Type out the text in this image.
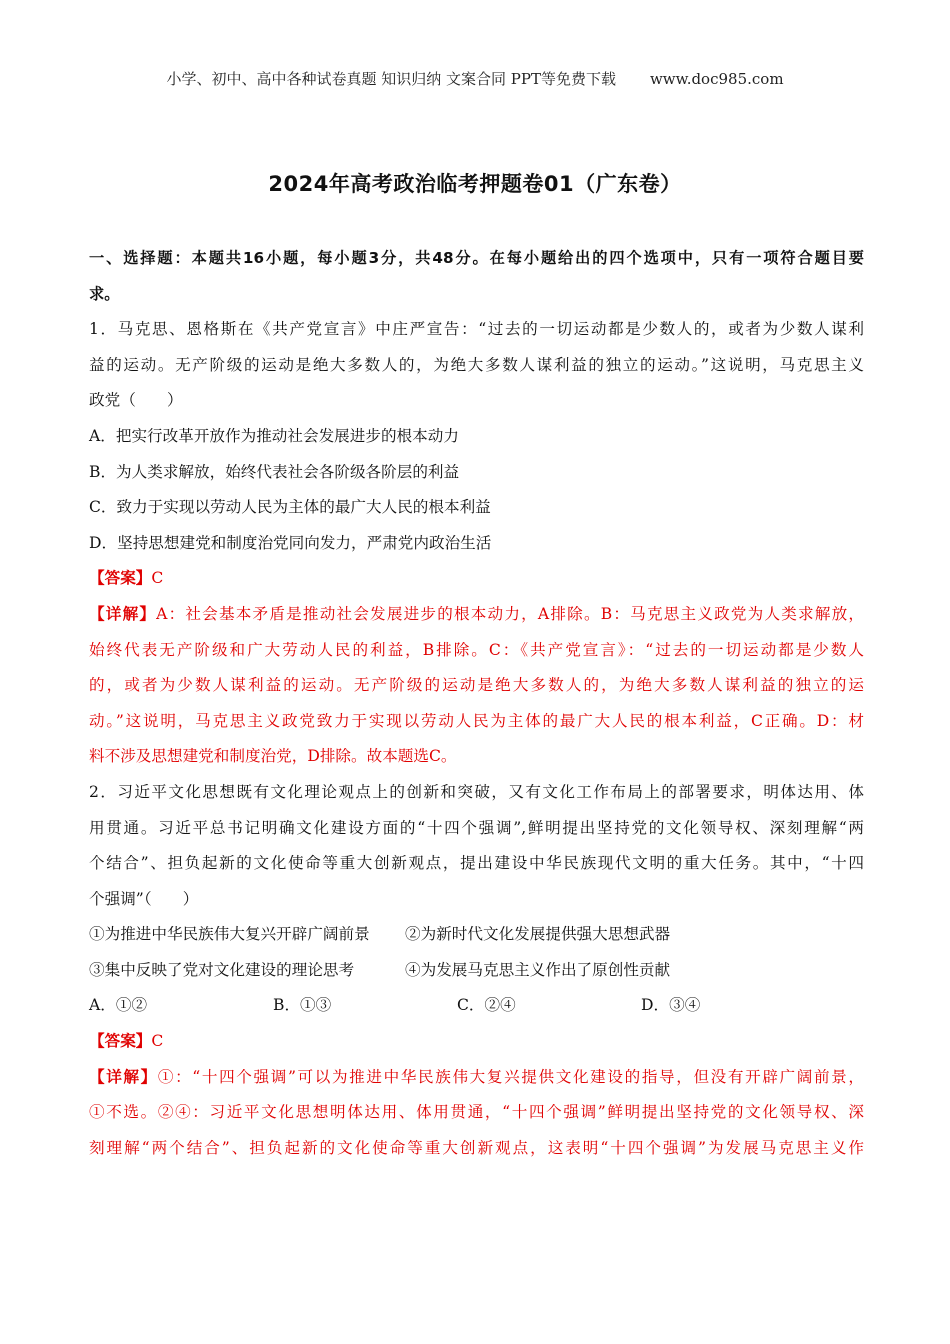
小学、初中、高中各种试卷真题 知识归纳 文案合同 PPT等免费下载 www.doc985.com
2024年高考政治临考押题卷01（广东卷）
一、选择题：本题共16小题，每小题3分，共48分。在每小题给出的四个选项中，只有一项符合题目要
求。
1．马克思、恩格斯在《共产党宣言》中庄严宣告：“过去的一切运动都是少数人的，或者为少数人谋利
益的运动。无产阶级的运动是绝大多数人的，为绝大多数人谋利益的独立的运动。”这说明，马克思主义
政党（　　）
A．把实行改革开放作为推动社会发展进步的根本动力
B．为人类求解放，始终代表社会各阶级各阶层的利益
C．致力于实现以劳动人民为主体的最广大人民的根本利益
D．坚持思想建党和制度治党同向发力，严肃党内政治生活
【答案】C
【详解】A：社会基本矛盾是推动社会发展进步的根本动力，A排除。B：马克思主义政党为人类求解放，
始终代表无产阶级和广大劳动人民的利益，B排除。C：《共产党宣言》：“过去的一切运动都是少数人
的，或者为少数人谋利益的运动。无产阶级的运动是绝大多数人的，为绝大多数人谋利益的独立的运
动。”这说明，马克思主义政党致力于实现以劳动人民为主体的最广大人民的根本利益，C正确。D：材
料不涉及思想建党和制度治党，D排除。故本题选C。
2．习近平文化思想既有文化理论观点上的创新和突破，又有文化工作布局上的部署要求，明体达用、体
用贯通。习近平总书记明确文化建设方面的“十四个强调”,鲜明提出坚持党的文化领导权、深刻理解“两
个结合”、担负起新的文化使命等重大创新观点，提出建设中华民族现代文明的重大任务。其中，“十四
个强调”（　　）
①为推进中华民族伟大复兴开辟广阔前景 ②为新时代文化发展提供强大思想武器
③集中反映了党对文化建设的理论思考	④为发展马克思主义作出了原创性贡献
A．①②	B．①③	C．②④	D．③④
【答案】C
【详解】①：“十四个强调”可以为推进中华民族伟大复兴提供文化建设的指导，但没有开辟广阔前景，
①不选。②④：习近平文化思想明体达用、体用贯通，“十四个强调”鲜明提出坚持党的文化领导权、深
刻理解“两个结合”、担负起新的文化使命等重大创新观点，这表明“十四个强调”为发展马克思主义作
